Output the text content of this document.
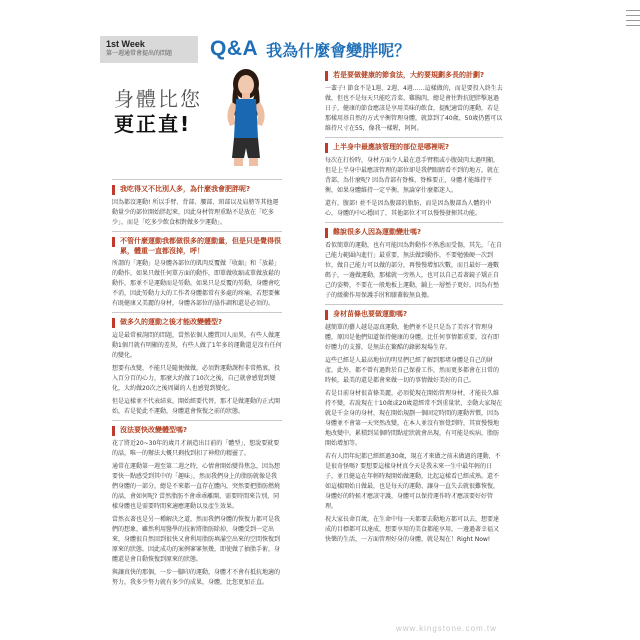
1st Week
第一週通常會提出的問題	Q&A 我為什麼會變胖呢？
身體比您
更正直!
我吃得又不比別人多，為什麼我會肥胖呢?

因為都沒運動! 所以手臂、背部、腰部、頸部以及肩膀等其他運動量少的部位開始胖起來，因此身材管理重點不是放在「吃多少」，而是「吃多少飲食相對做多少運動」。

不管什麼運動我都做很多的運動量，但是只是覺得很累，體重一直都沒掉，呼！

所謂的「運動」是身體各部位的肌肉反覆做「收縮」和「放鬆」的動作，如果只做任何單方面的動作，即單做收縮或單做放鬆的動作，那並不是運動而是勞動。如果只是反覆的勞動，身體會吃不消，因此勞動力大的工作者身體都常有多處的疼痛，若想要擁有既健康又美麗的身材，身體各部位的協作調和還是必須的。

做多久的運動之後才能改變體型?

這是最常被詢問的問題，當然依個人體質因人而異，有些人做運動1個月就有明顯的差異，有些人做了1年多的運動還是沒有任何的變化。

想要有改變，不能只是隨便做做，必須對運動課程非常熱衷，投入百分百的心力，那麼大約做了10次之後，自己就會感覺到變化，大約做20次之後周圍的人也感覺到變化。

但是這樣並不代表結束，開始經要代替，那才是做運動的正式開始，若是從此不運動，身體還會恢復之前的狀態。

沒法要快改變體型嗎?

花了將近20~30年的歲月才創造出目前的「體型」，想說要就要的話，唯一的辦法大概只剩找到扣了神燈的精靈了。

通常在運動第一週至第二週之時，心情會開始變得焦急，因為想要快一點感受到其中的「趣味」，然而我們身上的脂肪就像是我們身體的一部分，總是不來都一直存在體內，突然要把脂肪燃燒的話，會如何呢? 當然脂肪不會乖乖離開，需要時間來告別，同樣身體也是需要時間來適應運動以及產生效果。

當然衣著也是另一種解決之道，然而我們身體的恢復力都可是我們的想象，雖然利用醫學的技術將脂肪除掉，身體受到一定出來，身體很自然回到很快又會利用脂肪填滿空出來的空間恢復到原來的狀態。因此成功的案例寥寥無幾，即使做了抽脂手術，身體還是會自動恢復到原來的狀態。

與讓真快的那個，一步一腳印的運動，身體才不會有抵抗地適的努力，我多少努力就有多少的成果，身體，比您更加正直。

若是要做健康的節食法，大約要規劃多長的計劃?

一輩子! 節食不是1週、2週、4週……這樣做的，而是要投入終生去做，但也不是每天只能吃青菜、雞胸肉，總是會往對抗肥胖擊退過日子，健康的節食應該是享用美味的飲食，提配適當的運動，若是那樣用基自然的方式平衡管理身體，就算到了40歲、50歲仍舊可以維持尺寸在55，像我一樣喔，阿阿。

上半身中最應該管理的部位是哪裡呢?

每次在打扮時，身材方面令人最在意手臂粗或小腹鼓肉太過明顯，但是上半身中最應該管理的部位卻是我們眼睛看不到的地方，就在背部，為什麼呢? 因為背部有脊椎，脊椎要正，身體才能維持平衡，如果身體維持一定平衡，無論穿什麼都迷人。

還有，腹部! 並不是因為腹部的脂肪，而是因為腹部為人體的中心，身體的中心穩固了，其他部位才可以慢慢發揮其功能。

難說很多人因為運動變壯嗎?

看似簡單的運動，也有可能因為對動作不熟悉而受傷，其先，「在自己能力範圍內進行」最重要，無法做到動作，不要勉強硬一次到位，做自己能力可以做的部分，再慢慢增加次數，而且最好一邊數碼子，一邊做運動，那樣就一旁熟人，也可以自己看著鏡子矯正自己的姿勢，不要在一般地板上運動，鋪上一層墊子更好，因為有墊子的緩衝作用保護手肘和膝蓋較無負擔。

身材苗條也要做運動嗎?

越簡單的藝人越是認真運動，他們並不是只是為了美容才管理身體，原因是他們知道保持健康的身體，比任何事情都重要，沒有即好體力的支撐，是無法在繁酷的錄影現場生存。

這些已經是人最高地位的明星們已經了解到那堵身體是自己的財產，此外，都不曾有過對於自己保養工作，然而更多都會在日常的時候，最美的還是都會來做一切的事情做好美好的自己。

若是目前身材很苗條美麗，必須從現在開始管理身材，才能長久維持不變，若說現在十10歲或20歲還經常不到重量狀，幸動大家現在就是千金身的身材，現在開始規劃一個固定時間的運動習慣，因為身體並不會第一天突然改變，在本人並沒有察覺到時，其實慢慢地地改變中，累積到某個時間點症狀就會出現，有可能是疾病，脂肪開始增加等。

若有人問年紀都已經經過30歲，現在才來做之前未做過的運動，不是很奇怪嗎? 要想要這樣身材真令天是我未來一生中最年輕的日子，並且健這在年輕時現開始做運動，比起這樣看已經成熟。還不如這樣開始日做最，也是每天的運動、讓身一直失去就很難恢復，身體好的時候才應該守護，身體可以保持運作時才應該要好好管理。

祝大家長命百歲，在生命中每一天都要去動地方都可以去，想要達成的目標都可以達成，想要享用的美食都能享用，一邊過著幸福又快樂的生活，一方面管理好身的身體，就是現在！Right Now!

www.kingstone.com.tw
